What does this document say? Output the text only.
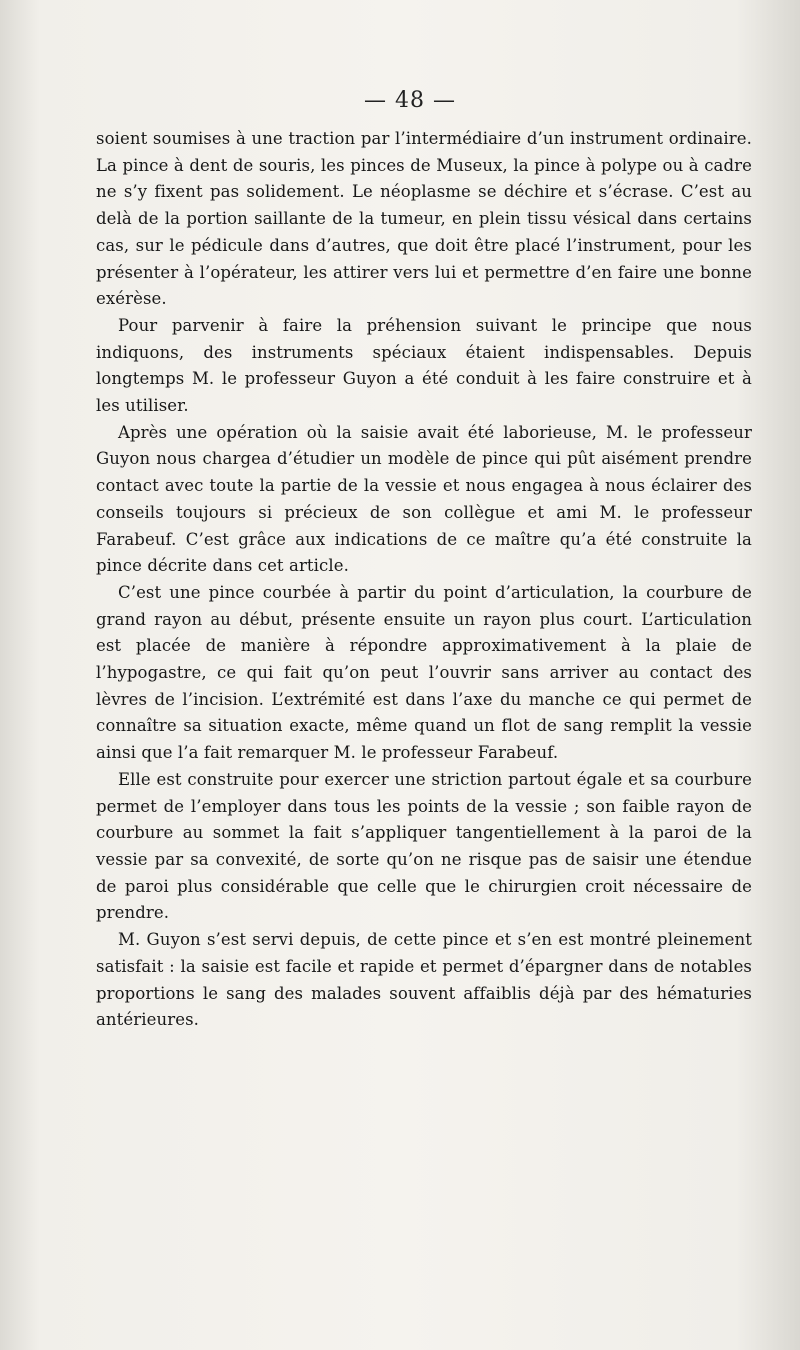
— 48 —

soient soumises à une traction par l’intermédiaire d’un instrument ordinaire. La pince à dent de souris, les pinces de Museux, la pince à polype ou à cadre ne s’y fixent pas solidement. Le néoplasme se déchire et s’écrase. C’est au delà de la portion saillante de la tumeur, en plein tissu vésical dans certains cas, sur le pédicule dans d’autres, que doit être placé l’instrument, pour les présenter à l’opérateur, les attirer vers lui et permettre d’en faire une bonne exérèse.

Pour parvenir à faire la préhension suivant le principe que nous indiquons, des instruments spéciaux étaient indispensables. Depuis longtemps M. le professeur Guyon a été conduit à les faire construire et à les utiliser.

Après une opération où la saisie avait été laborieuse, M. le professeur Guyon nous chargea d’étudier un modèle de pince qui pût aisément prendre contact avec toute la partie de la vessie et nous engagea à nous éclairer des conseils toujours si précieux de son collègue et ami M. le professeur Farabeuf. C’est grâce aux indications de ce maître qu’a été construite la pince décrite dans cet article.

C’est une pince courbée à partir du point d’articulation, la courbure de grand rayon au début, présente ensuite un rayon plus court. L’articulation est placée de manière à répondre approximativement à la plaie de l’hypogastre, ce qui fait qu’on peut l’ouvrir sans arriver au contact des lèvres de l’incision. L’extrémité est dans l’axe du manche ce qui permet de connaître sa situation exacte, même quand un flot de sang remplit la vessie ainsi que l’a fait remarquer M. le professeur Farabeuf.

Elle est construite pour exercer une striction partout égale et sa courbure permet de l’employer dans tous les points de la vessie ; son faible rayon de courbure au sommet la fait s’appliquer tangentiellement à la paroi de la vessie par sa convexité, de sorte qu’on ne risque pas de saisir une étendue de paroi plus considérable que celle que le chirurgien croit nécessaire de prendre.

M. Guyon s’est servi depuis, de cette pince et s’en est montré pleinement satisfait : la saisie est facile et rapide et permet d’épargner dans de notables proportions le sang des malades souvent affaiblis déjà par des hématuries antérieures.
